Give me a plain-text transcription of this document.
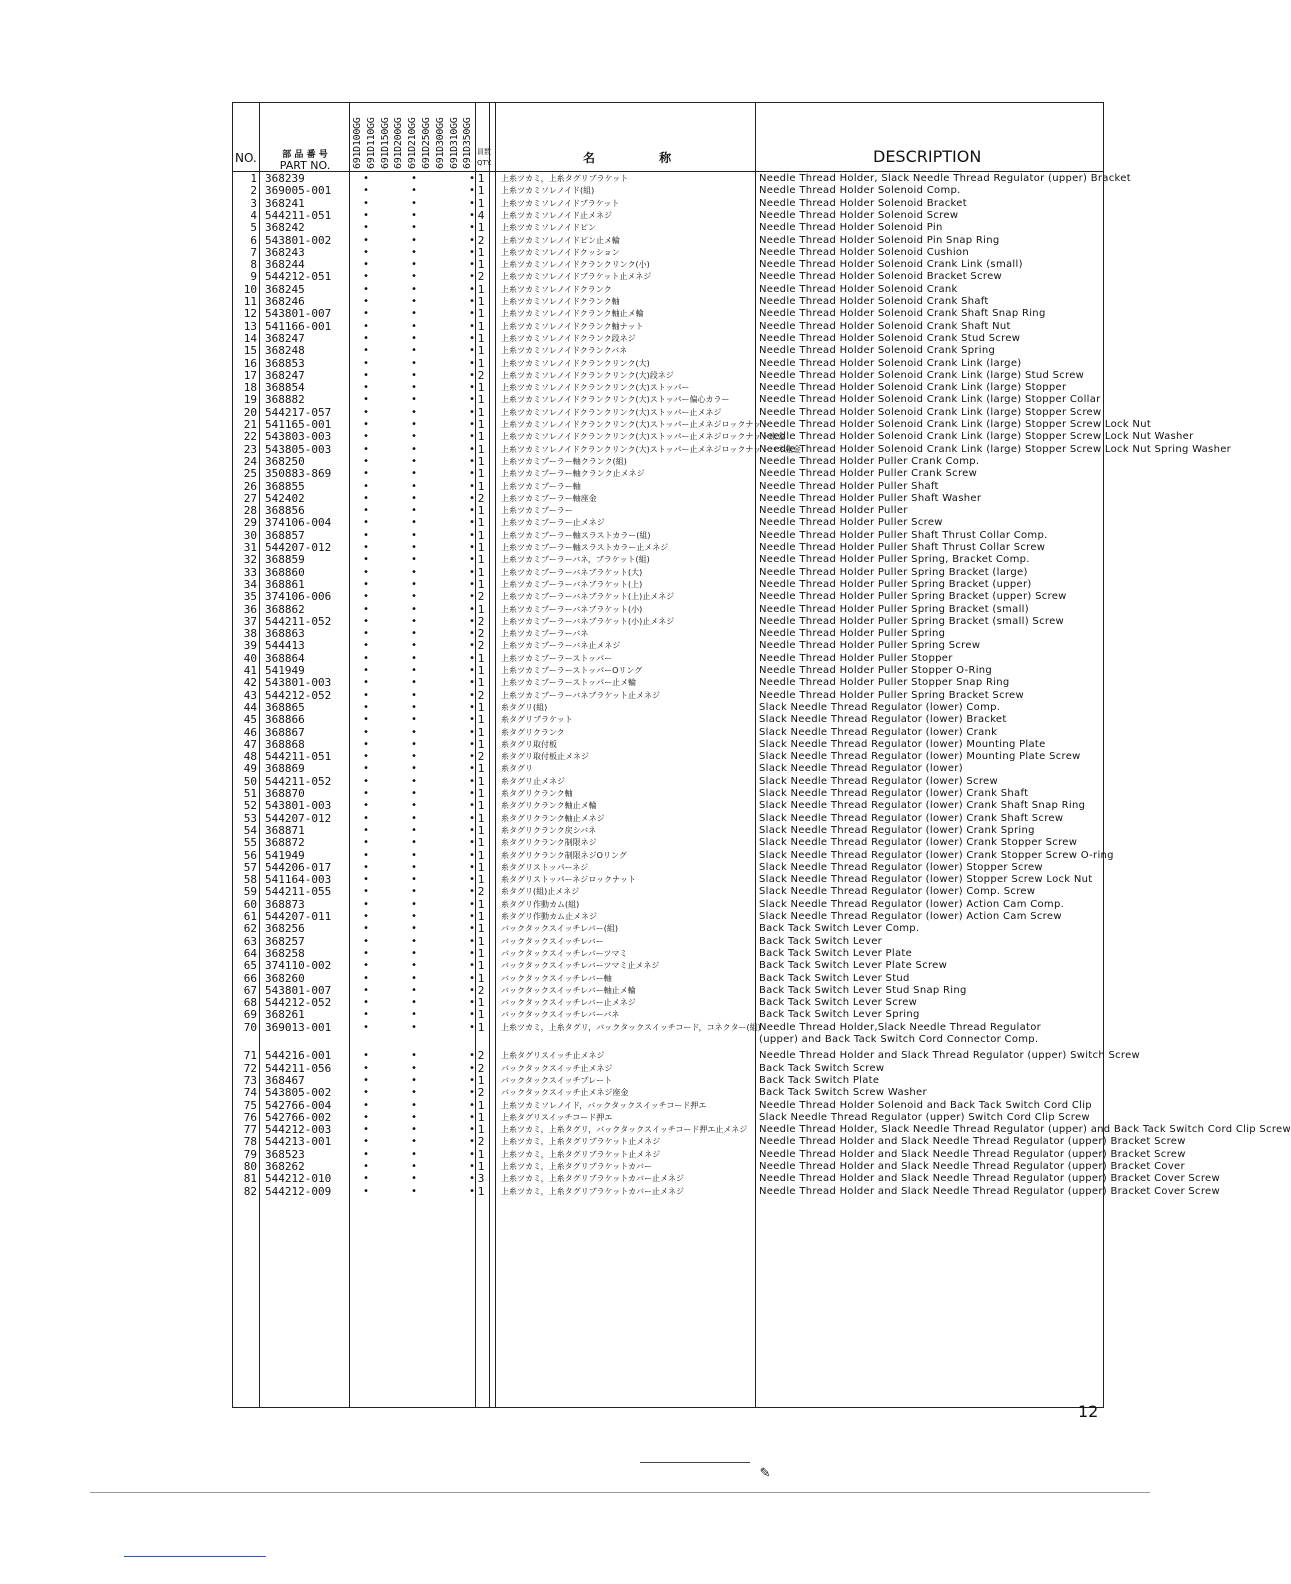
NO.	部 品 番 号
PART NO.	691D100GG 691D110GG 691D150GG 691D200GG 691D210GG 691D250GG 691D300GG 691D310GG 691D350GG 員数
QTY.	名 称	DESCRIPTION
1 368239	•	•	• 1 上糸ツカミ，上糸タグリブラケット	Needle Thread Holder, Slack Needle Thread Regulator (upper) Bracket
2 369005-001	•	•	• 1 上糸ツカミソレノイド(組)	Needle Thread Holder Solenoid Comp.
3 368241	•	•	• 1 上糸ツカミソレノイドブラケット	Needle Thread Holder Solenoid Bracket
4 544211-051	•	•	• 4 上糸ツカミソレノイド止メネジ	Needle Thread Holder Solenoid Screw
5 368242	•	•	• 1 上糸ツカミソレノイドピン	Needle Thread Holder Solenoid Pin
6 543801-002	•	•	• 2 上糸ツカミソレノイドピン止メ輪	Needle Thread Holder Solenoid Pin Snap Ring
7 368243	•	•	• 1 上糸ツカミソレノイドクッション	Needle Thread Holder Solenoid Cushion
8 368244	•	•	• 1 上糸ツカミソレノイドクランクリンク(小)	Needle Thread Holder Solenoid Crank Link (small)
9 544212-051	•	•	• 2 上糸ツカミソレノイドブラケット止メネジ	Needle Thread Holder Solenoid Bracket Screw
10 368245	•	•	• 1 上糸ツカミソレノイドクランク	Needle Thread Holder Solenoid Crank
11 368246	•	•	• 1 上糸ツカミソレノイドクランク軸	Needle Thread Holder Solenoid Crank Shaft
12 543801-007	•	•	• 1 上糸ツカミソレノイドクランク軸止メ輪	Needle Thread Holder Solenoid Crank Shaft Snap Ring
13 541166-001	•	•	• 1 上糸ツカミソレノイドクランク軸ナット	Needle Thread Holder Solenoid Crank Shaft Nut
14 368247	•	•	• 1 上糸ツカミソレノイドクランク段ネジ	Needle Thread Holder Solenoid Crank Stud Screw
15 368248	•	•	• 1 上糸ツカミソレノイドクランクバネ	Needle Thread Holder Solenoid Crank Spring
16 368853	•	•	• 1 上糸ツカミソレノイドクランクリンク(大)	Needle Thread Holder Solenoid Crank Link (large)
17 368247	•	•	• 2 上糸ツカミソレノイドクランクリンク(大)段ネジ	Needle Thread Holder Solenoid Crank Link (large) Stud Screw
18 368854	•	•	• 1 上糸ツカミソレノイドクランクリンク(大)ストッパー	Needle Thread Holder Solenoid Crank Link (large) Stopper
19 368882	•	•	• 1 上糸ツカミソレノイドクランクリンク(大)ストッパー偏心カラー	Needle Thread Holder Solenoid Crank Link (large) Stopper Collar
20 544217-057	•	•	• 1 上糸ツカミソレノイドクランクリンク(大)ストッパー止メネジ	Needle Thread Holder Solenoid Crank Link (large) Stopper Screw
21 541165-001	•	•	• 1 上糸ツカミソレノイドクランクリンク(大)ストッパー止メネジロックナット
Needle Thread Holder Solenoid Crank Link (large) Stopper Screw Lock Nut
22 543803-003	•	•	• 1 上糸ツカミソレノイドクランクリンク(大)ストッパー止メネジロックナット座金
Needle Thread Holder Solenoid Crank Link (large) Stopper Screw Lock Nut Washer
23 543805-003	•	•	• 1 上糸ツカミソレノイドクランクリンク(大)ストッパー止メネジロックナットバネ座金
Needle Thread Holder Solenoid Crank Link (large) Stopper Screw Lock Nut Spring Washer
24 368250	•	•	• 1 上糸ツカミプーラー軸クランク(組)	Needle Thread Holder Puller Crank Comp.
25 350883-869	•	•	• 1 上糸ツカミプーラー軸クランク止メネジ	Needle Thread Holder Puller Crank Screw
26 368855	•	•	• 1 上糸ツカミプーラー軸	Needle Thread Holder Puller Shaft
27 542402	•	•	• 2 上糸ツカミプーラー軸座金	Needle Thread Holder Puller Shaft Washer
28 368856	•	•	• 1 上糸ツカミプーラー	Needle Thread Holder Puller
29 374106-004	•	•	• 1 上糸ツカミプーラー止メネジ	Needle Thread Holder Puller Screw
30 368857	•	•	• 1 上糸ツカミプーラー軸スラストカラー(組)	Needle Thread Holder Puller Shaft Thrust Collar Comp.
31 544207-012	•	•	• 1 上糸ツカミプーラー軸スラストカラー止メネジ	Needle Thread Holder Puller Shaft Thrust Collar Screw
32 368859	•	•	• 1 上糸ツカミプーラーバネ，ブラケット(組)	Needle Thread Holder Puller Spring, Bracket Comp.
33 368860	•	•	• 1 上糸ツカミプーラーバネブラケット(大)	Needle Thread Holder Puller Spring Bracket (large)
34 368861	•	•	• 1 上糸ツカミプーラーバネブラケット(上)	Needle Thread Holder Puller Spring Bracket (upper)
35 374106-006	•	•	• 2 上糸ツカミプーラーバネブラケット(上)止メネジ	Needle Thread Holder Puller Spring Bracket (upper) Screw
36 368862	•	•	• 1 上糸ツカミプーラーバネブラケット(小)	Needle Thread Holder Puller Spring Bracket (small)
37 544211-052	•	•	• 2 上糸ツカミプーラーバネブラケット(小)止メネジ	Needle Thread Holder Puller Spring Bracket (small) Screw
38 368863	•	•	• 2 上糸ツカミプーラーバネ	Needle Thread Holder Puller Spring
39 544413	•	•	• 2 上糸ツカミプーラーバネ止メネジ	Needle Thread Holder Puller Spring Screw
40 368864	•	•	• 1 上糸ツカミプーラーストッパー	Needle Thread Holder Puller Stopper
41 541949	•	•	• 1 上糸ツカミプーラーストッパーOリング	Needle Thread Holder Puller Stopper O-Ring
42 543801-003	•	•	• 1 上糸ツカミプーラーストッパー止メ輪	Needle Thread Holder Puller Stopper Snap Ring
43 544212-052	•	•	• 2 上糸ツカミプーラーバネブラケット止メネジ	Needle Thread Holder Puller Spring Bracket Screw
44 368865	•	•	• 1 糸タグリ(組)	Slack Needle Thread Regulator (lower) Comp.
45 368866	•	•	• 1 糸タグリブラケット	Slack Needle Thread Regulator (lower) Bracket
46 368867	•	•	• 1 糸タグリクランク	Slack Needle Thread Regulator (lower) Crank
47 368868	•	•	• 1 糸タグリ取付板	Slack Needle Thread Regulator (lower) Mounting Plate
48 544211-051	•	•	• 2 糸タグリ取付板止メネジ	Slack Needle Thread Regulator (lower) Mounting Plate Screw
49 368869	•	•	• 1 糸タグリ	Slack Needle Thread Regulator (lower)
50 544211-052	•	•	• 1 糸タグリ止メネジ	Slack Needle Thread Regulator (lower) Screw
51 368870	•	•	• 1 糸タグリクランク軸	Slack Needle Thread Regulator (lower) Crank Shaft
52 543801-003	•	•	• 1 糸タグリクランク軸止メ輪	Slack Needle Thread Regulator (lower) Crank Shaft Snap Ring
53 544207-012	•	•	• 1 糸タグリクランク軸止メネジ	Slack Needle Thread Regulator (lower) Crank Shaft Screw
54 368871	•	•	• 1 糸タグリクランク戻シバネ	Slack Needle Thread Regulator (lower) Crank Spring
55 368872	•	•	• 1 糸タグリクランク制限ネジ	Slack Needle Thread Regulator (lower) Crank Stopper Screw
56 541949	•	•	• 1 糸タグリクランク制限ネジOリング	Slack Needle Thread Regulator (lower) Crank Stopper Screw O-ring
57 544206-017	•	•	• 1 糸タグリストッパーネジ	Slack Needle Thread Regulator (lower) Stopper Screw
58 541164-003	•	•	• 1 糸タグリストッパーネジロックナット	Slack Needle Thread Regulator (lower) Stopper Screw Lock Nut
59 544211-055	•	•	• 2 糸タグリ(組)止メネジ	Slack Needle Thread Regulator (lower) Comp. Screw
60 368873	•	•	• 1 糸タグリ作動カム(組)	Slack Needle Thread Regulator (lower) Action Cam Comp.
61 544207-011	•	•	• 1 糸タグリ作動カム止メネジ	Slack Needle Thread Regulator (lower) Action Cam Screw
62 368256	•	•	• 1 バックタックスイッチレバー(組)	Back Tack Switch Lever Comp.
63 368257	•	•	• 1 バックタックスイッチレバー	Back Tack Switch Lever
64 368258	•	•	• 1 バックタックスイッチレバーツマミ	Back Tack Switch Lever Plate
65 374110-002	•	•	• 1 バックタックスイッチレバーツマミ止メネジ	Back Tack Switch Lever Plate Screw
66 368260	•	•	• 1 バックタックスイッチレバー軸	Back Tack Switch Lever Stud
67 543801-007	•	•	• 2 バックタックスイッチレバー軸止メ輪	Back Tack Switch Lever Stud Snap Ring
68 544212-052	•	•	• 1 バックタックスイッチレバー止メネジ	Back Tack Switch Lever Screw
69 368261	•	•	• 1 バックタックスイッチレバーバネ	Back Tack Switch Lever Spring
70 369013-001	•	•	• 1 上糸ツカミ，上糸タグリ，バックタックスイッチコード，コネクター(組)
Needle Thread Holder,Slack Needle Thread Regulator
(upper) and Back Tack Switch Cord Connector Comp.
71 544216-001	•	•	• 2 上糸タグリスイッチ止メネジ	Needle Thread Holder and Slack Thread Regulator (upper) Switch Screw
72 544211-056	•	•	• 2 バックタックスイッチ止メネジ	Back Tack Switch Screw
73 368467	•	•	• 1 バックタックスイッチプレート	Back Tack Switch Plate
74 543805-002	•	•	• 2 バックタックスイッチ止メネジ座金	Back Tack Switch Screw Washer
75 542766-004	•	•	• 1 上糸ツカミソレノイド，バックタックスイッチコード押エ	Needle Thread Holder Solenoid and Back Tack Switch Cord Clip
76 542766-002	•	•	• 1 上糸タグリスイッチコード押エ	Slack Needle Thread Regulator (upper) Switch Cord Clip Screw
77 544212-003	•	•	• 1 上糸ツカミ，上糸タグリ，バックタックスイッチコード押エ止メネジ	Needle Thread Holder, Slack Needle Thread Regulator (upper) and Back Tack Switch Cord Clip Screw
78 544213-001	•	•	• 2 上糸ツカミ，上糸タグリブラケット止メネジ	Needle Thread Holder and Slack Needle Thread Regulator (upper) Bracket Screw
79 368523	•	•	• 1 上糸ツカミ，上糸タグリブラケット止メネジ	Needle Thread Holder and Slack Needle Thread Regulator (upper) Bracket Screw
80 368262	•	•	• 1 上糸ツカミ，上糸タグリブラケットカバー	Needle Thread Holder and Slack Needle Thread Regulator (upper) Bracket Cover
81 544212-010	•	•	• 3 上糸ツカミ，上糸タグリブラケットカバー止メネジ	Needle Thread Holder and Slack Needle Thread Regulator (upper) Bracket Cover Screw
82 544212-009	•	•	• 1 上糸ツカミ，上糸タグリブラケットカバー止メネジ	Needle Thread Holder and Slack Needle Thread Regulator (upper) Bracket Cover Screw
12
✎
